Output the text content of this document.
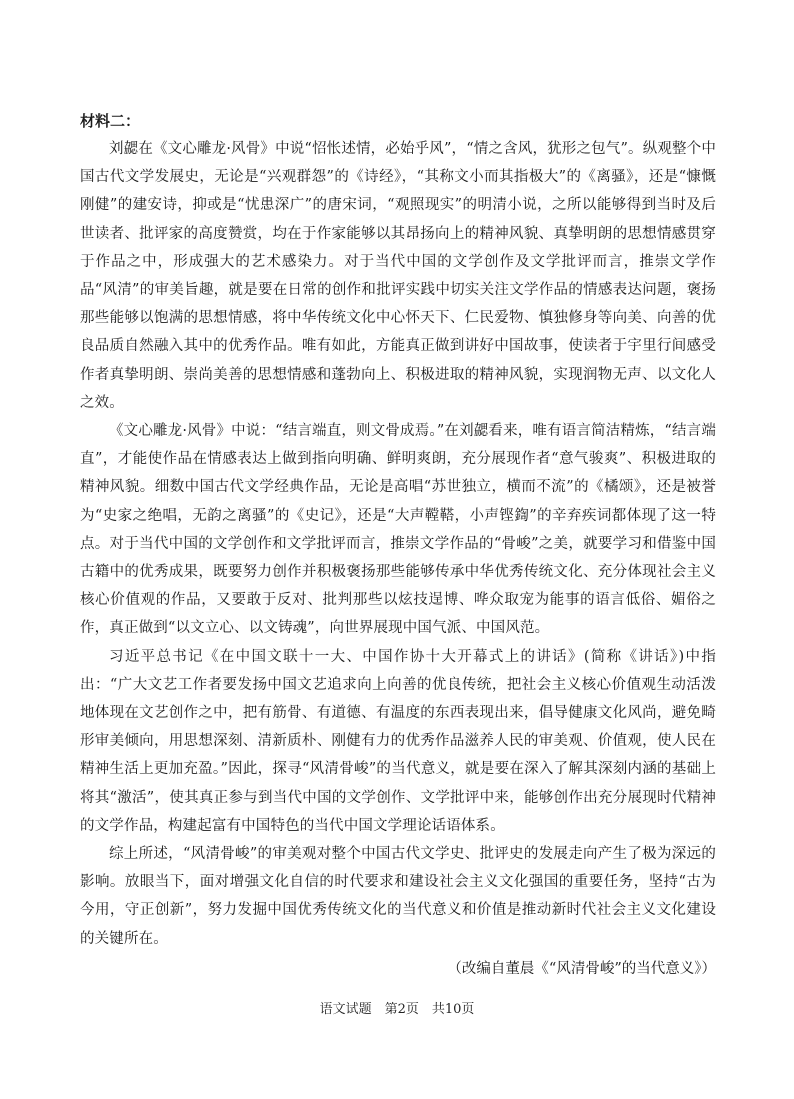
材料二：

刘勰在《文心雕龙·风骨》中说“怊怅述情，必始乎风”，“情之含风，犹形之包气”。纵观整个中国古代文学发展史，无论是“兴观群怨”的《诗经》，“其称文小而其指极大”的《离骚》，还是“慷慨刚健”的建安诗，抑或是“忧患深广”的唐宋词，“观照现实”的明清小说，之所以能够得到当时及后世读者、批评家的高度赞赏，均在于作家能够以其昂扬向上的精神风貌、真挚明朗的思想情感贯穿于作品之中，形成强大的艺术感染力。对于当代中国的文学创作及文学批评而言，推崇文学作品“风清”的审美旨趣，就是要在日常的创作和批评实践中切实关注文学作品的情感表达问题，褒扬那些能够以饱满的思想情感，将中华传统文化中心怀天下、仁民爱物、慎独修身等向美、向善的优良品质自然融入其中的优秀作品。唯有如此，方能真正做到讲好中国故事，使读者于宇里行间感受作者真挚明朗、崇尚美善的思想情感和蓬勃向上、积极进取的精神风貌，实现润物无声、以文化人之效。

《文心雕龙·风骨》中说：“结言端直，则文骨成焉。”在刘勰看来，唯有语言简洁精炼，“结言端直”，才能使作品在情感表达上做到指向明确、鲜明爽朗，充分展现作者“意气骏爽”、积极进取的精神风貌。细数中国古代文学经典作品，无论是高唱“苏世独立，横而不流”的《橘颂》，还是被誉为“史家之绝唱，无韵之离骚”的《史记》，还是“大声鞺鞳，小声铿鍧”的辛弃疾词都体现了这一特点。对于当代中国的文学创作和文学批评而言，推崇文学作品的“骨峻”之美，就要学习和借鉴中国古籍中的优秀成果，既要努力创作并积极褒扬那些能够传承中华优秀传统文化、充分体现社会主义核心价值观的作品，又要敢于反对、批判那些以炫技逞博、哗众取宠为能事的语言低俗、媚俗之作，真正做到“以文立心、以文铸魂”，向世界展现中国气派、中国风范。

习近平总书记《在中国文联十一大、中国作协十大开幕式上的讲话》(简称《讲话》)中指出：“广大文艺工作者要发扬中国文艺追求向上向善的优良传统，把社会主义核心价值观生动活泼地体现在文艺创作之中，把有筋骨、有道德、有温度的东西表现出来，倡导健康文化风尚，避免畸形审美倾向，用思想深刻、清新质朴、刚健有力的优秀作品滋养人民的审美观、价值观，使人民在精神生活上更加充盈。”因此，探寻“风清骨峻”的当代意义，就是要在深入了解其深刻内涵的基础上将其“激活”，使其真正参与到当代中国的文学创作、文学批评中来，能够创作出充分展现时代精神的文学作品，构建起富有中国特色的当代中国文学理论话语体系。

综上所述，“风清骨峻”的审美观对整个中国古代文学史、批评史的发展走向产生了极为深远的影响。放眼当下，面对增强文化自信的时代要求和建设社会主义文化强国的重要任务，坚持“古为今用，守正创新”，努力发掘中国优秀传统文化的当代意义和价值是推动新时代社会主义文化建设的关键所在。

（改编自董晨《“风清骨峻”的当代意义》）
语文试题　第2页　共10页
